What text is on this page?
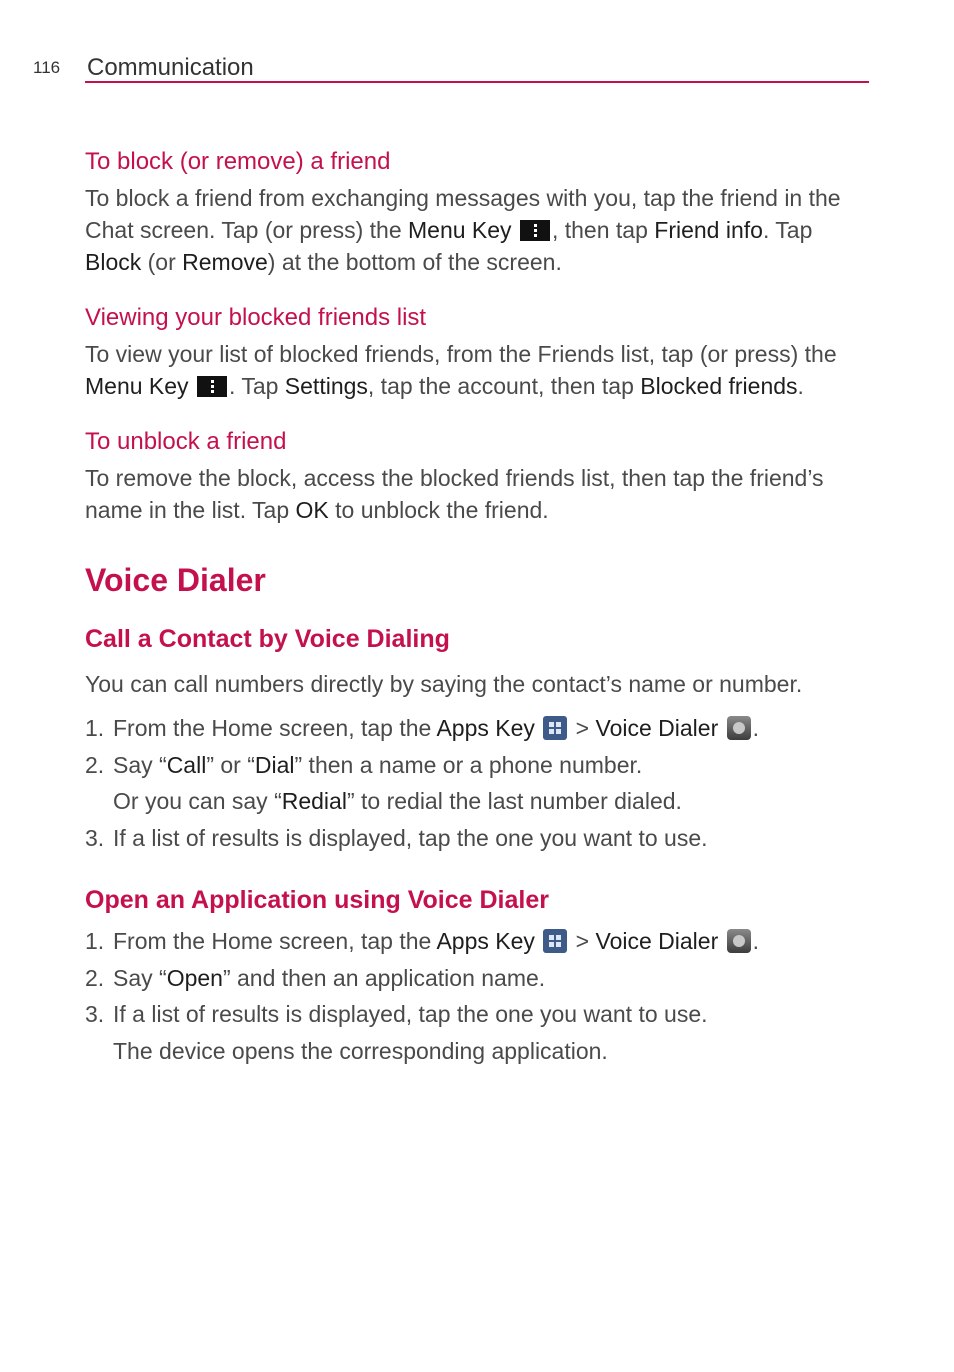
116 Communication
To block (or remove) a friend

To block a friend from exchanging messages with you, tap the friend in the Chat screen. Tap (or press) the Menu Key , then tap Friend info. Tap Block (or Remove) at the bottom of the screen.

Viewing your blocked friends list

To view your list of blocked friends, from the Friends list, tap (or press) the Menu Key . Tap Settings, tap the account, then tap Blocked friends.

To unblock a friend

To remove the block, access the blocked friends list, then tap the friend’s name in the list. Tap OK to unblock the friend.

Voice Dialer
Call a Contact by Voice Dialing

You can call numbers directly by saying the contact’s name or number.

1. From the Home screen, tap the Apps Key
> Voice Dialer .
2. Say “Call” or “Dial” then a name or a phone number.
Or you can say “Redial” to redial the last number dialed.
3. If a list of results is displayed, tap the one you want to use.
Open an Application using Voice Dialer
1. From the Home screen, tap the Apps Key
> Voice Dialer .
2. Say “Open” and then an application name.
3. If a list of results is displayed, tap the one you want to use.
The device opens the corresponding application.
